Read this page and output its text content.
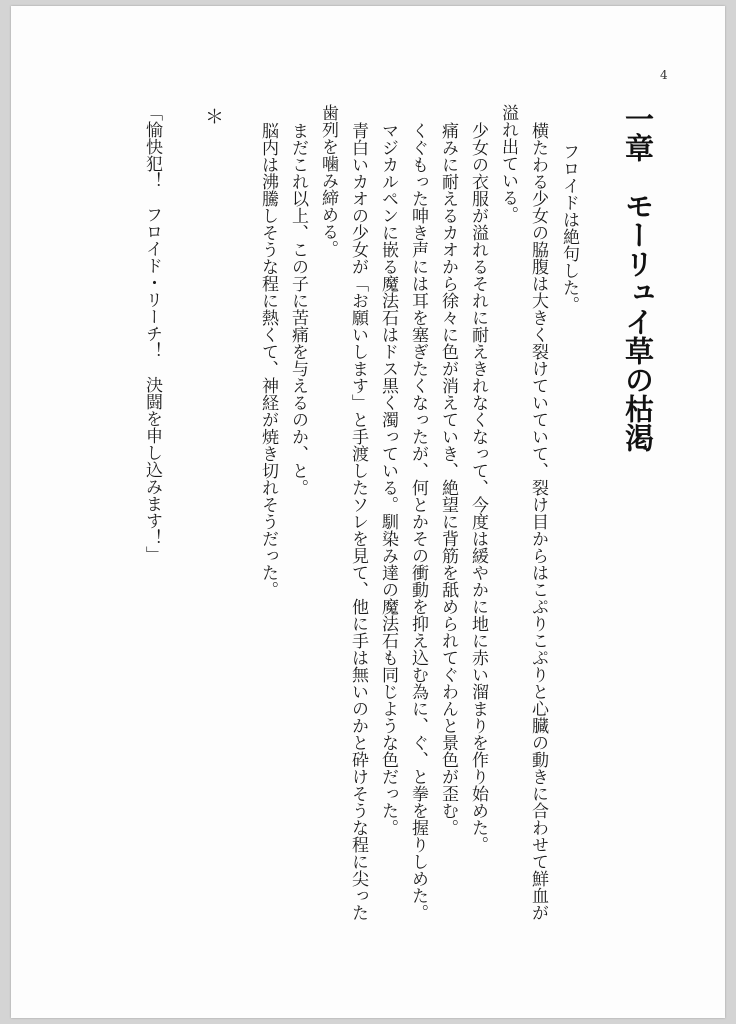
4
一章　モーリュイ草の枯渇
フロイドは絶句した。
横たわる少女の脇腹は大きく裂けていていて、裂け目からはこぷりこぷりと心臓の動きに合わせて鮮血が
溢れ出ている。
少女の衣服が溢れるそれに耐えきれなくなって、今度は緩やかに地に赤い溜まりを作り始めた。
痛みに耐えるカオから徐々に色が消えていき、絶望に背筋を舐められてぐわんと景色が歪む。
くぐもった呻き声には耳を塞ぎたくなったが、何とかその衝動を抑え込む為に、ぐ、と拳を握りしめた。
マジカルペンに嵌る魔法石はドス黒く濁っている。馴染み達の魔法石も同じような色だった。
青白いカオの少女が「お願いします」と手渡したソレを見て、他に手は無いのかと砕けそうな程に尖った
歯列を噛み締める。
まだこれ以上、この子に苦痛を与えるのか、と。
脳内は沸騰しそうな程に熱くて、神経が焼き切れそうだった。
＊
「愉快犯！　フロイド・リーチ！　決闘を申し込みます！」
